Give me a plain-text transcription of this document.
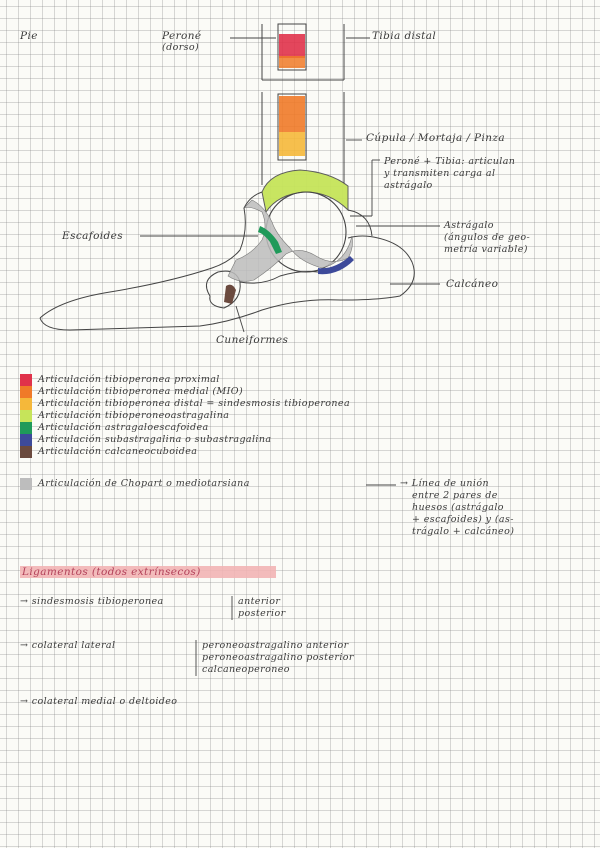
Pie	Peroné
(dorso)
Tibia distal
Cúpula / Mortaja / Pinza
Peroné + Tibia: articulan
y transmiten carga al
astrágalo
Astrágalo
(ángulos de geo-
metría variable)
Escafoides
Calcáneo
Cuneiformes
Articulación tibioperonea proximal
Articulación tibioperonea medial (MIO)
Articulación tibioperonea distal = sindesmosis tibioperonea
Articulación tibioperoneoastragalina
Articulación astragaloescafoidea
Articulación subastragalina o subastragalina
Articulación calcaneocuboidea
Articulación de Chopart o mediotarsiana	→ Línea de unión
entre 2 pares de
huesos (astrágalo
+ escafoides) y (as-
trágalo + calcáneo)
Ligamentos (todos extrínsecos)
→ sindesmosis tibioperonea	anterior
posterior
→ colateral lateral	peroneoastragalino anterior
peroneoastragalino posterior
calcaneoperoneo
→ colateral medial o deltoideo
